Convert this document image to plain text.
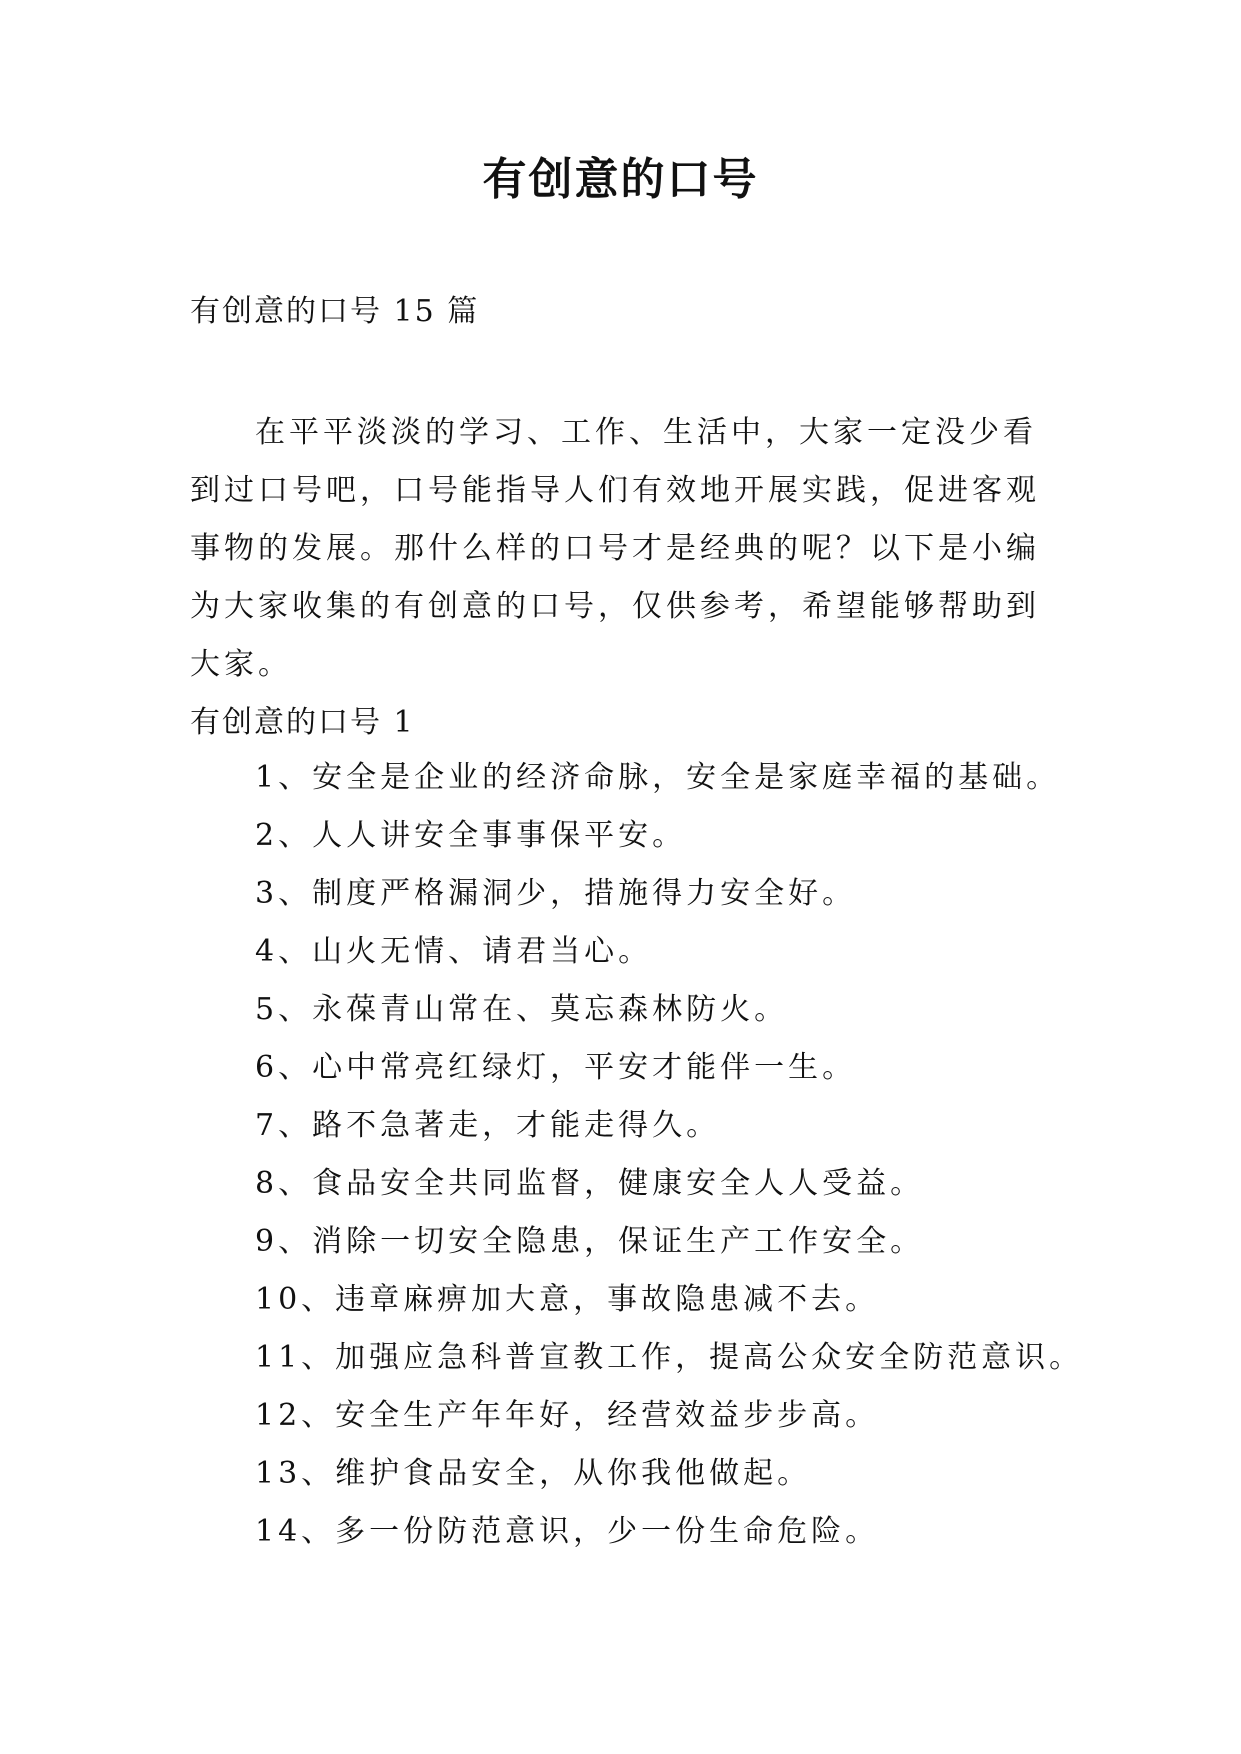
有创意的口号
有创意的口号 15 篇

在平平淡淡的学习、工作、生活中，大家一定没少看到过口号吧，口号能指导人们有效地开展实践，促进客观事物的发展。那什么样的口号才是经典的呢？以下是小编为大家收集的有创意的口号，仅供参考，希望能够帮助到大家。

有创意的口号 1
1、安全是企业的经济命脉，安全是家庭幸福的基础。
2、人人讲安全事事保平安。
3、制度严格漏洞少，措施得力安全好。
4、山火无情、请君当心。
5、永葆青山常在、莫忘森林防火。
6、心中常亮红绿灯，平安才能伴一生。
7、路不急著走，才能走得久。
8、食品安全共同监督，健康安全人人受益。
9、消除一切安全隐患，保证生产工作安全。
10、违章麻痹加大意，事故隐患减不去。
11、加强应急科普宣教工作，提高公众安全防范意识。
12、安全生产年年好，经营效益步步高。
13、维护食品安全，从你我他做起。
14、多一份防范意识，少一份生命危险。
